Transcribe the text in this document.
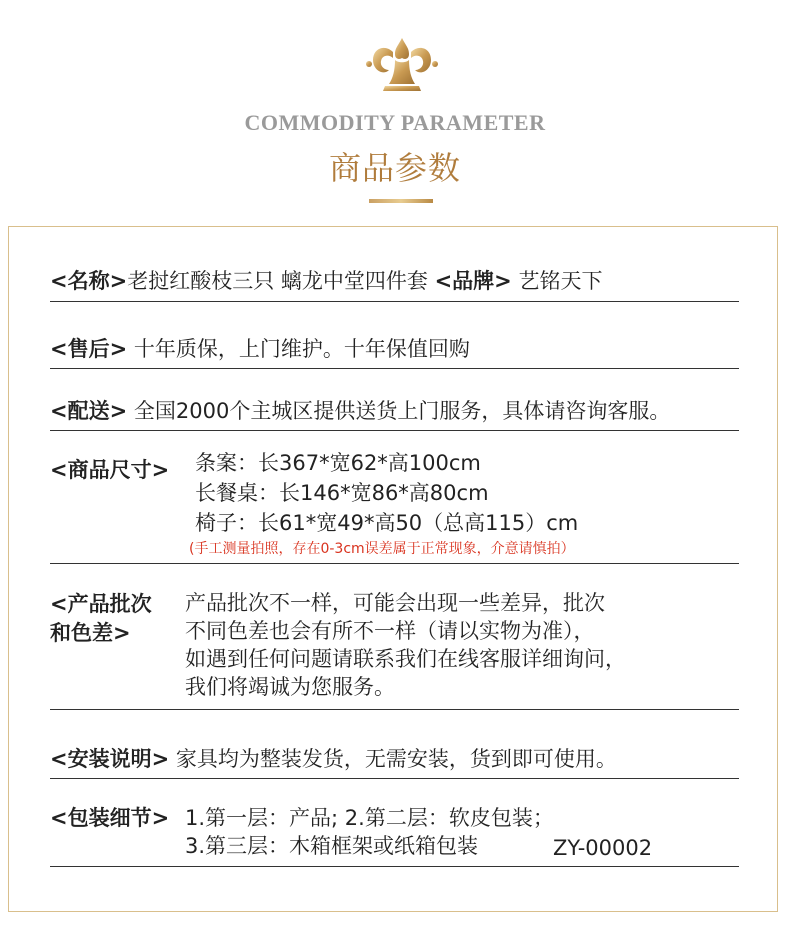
COMMODITY PARAMETER
商品参数
<名称>老挝红酸枝三只 螭龙中堂四件套 <品牌> 艺铭天下
<售后> 十年质保，上门维护。十年保值回购
<配送> 全国2000个主城区提供送货上门服务，具体请咨询客服。
<商品尺寸> 条案：长367*宽62*高100cm
长餐桌：长146*宽86*高80cm
椅子：长61*宽49*高50（总高115）cm
(手工测量拍照，存在0-3cm误差属于正常现象，介意请慎拍）
<产品批次
和色差>
产品批次不一样，可能会出现一些差异，批次
不同色差也会有所不一样（请以实物为准），
如遇到任何问题请联系我们在线客服详细询问，
我们将竭诚为您服务。
<安装说明> 家具均为整装发货，无需安装，货到即可使用。
<包装细节> 1.第一层：产品; 2.第二层：软皮包装；
3.第三层：木箱框架或纸箱包装	ZY-00002
